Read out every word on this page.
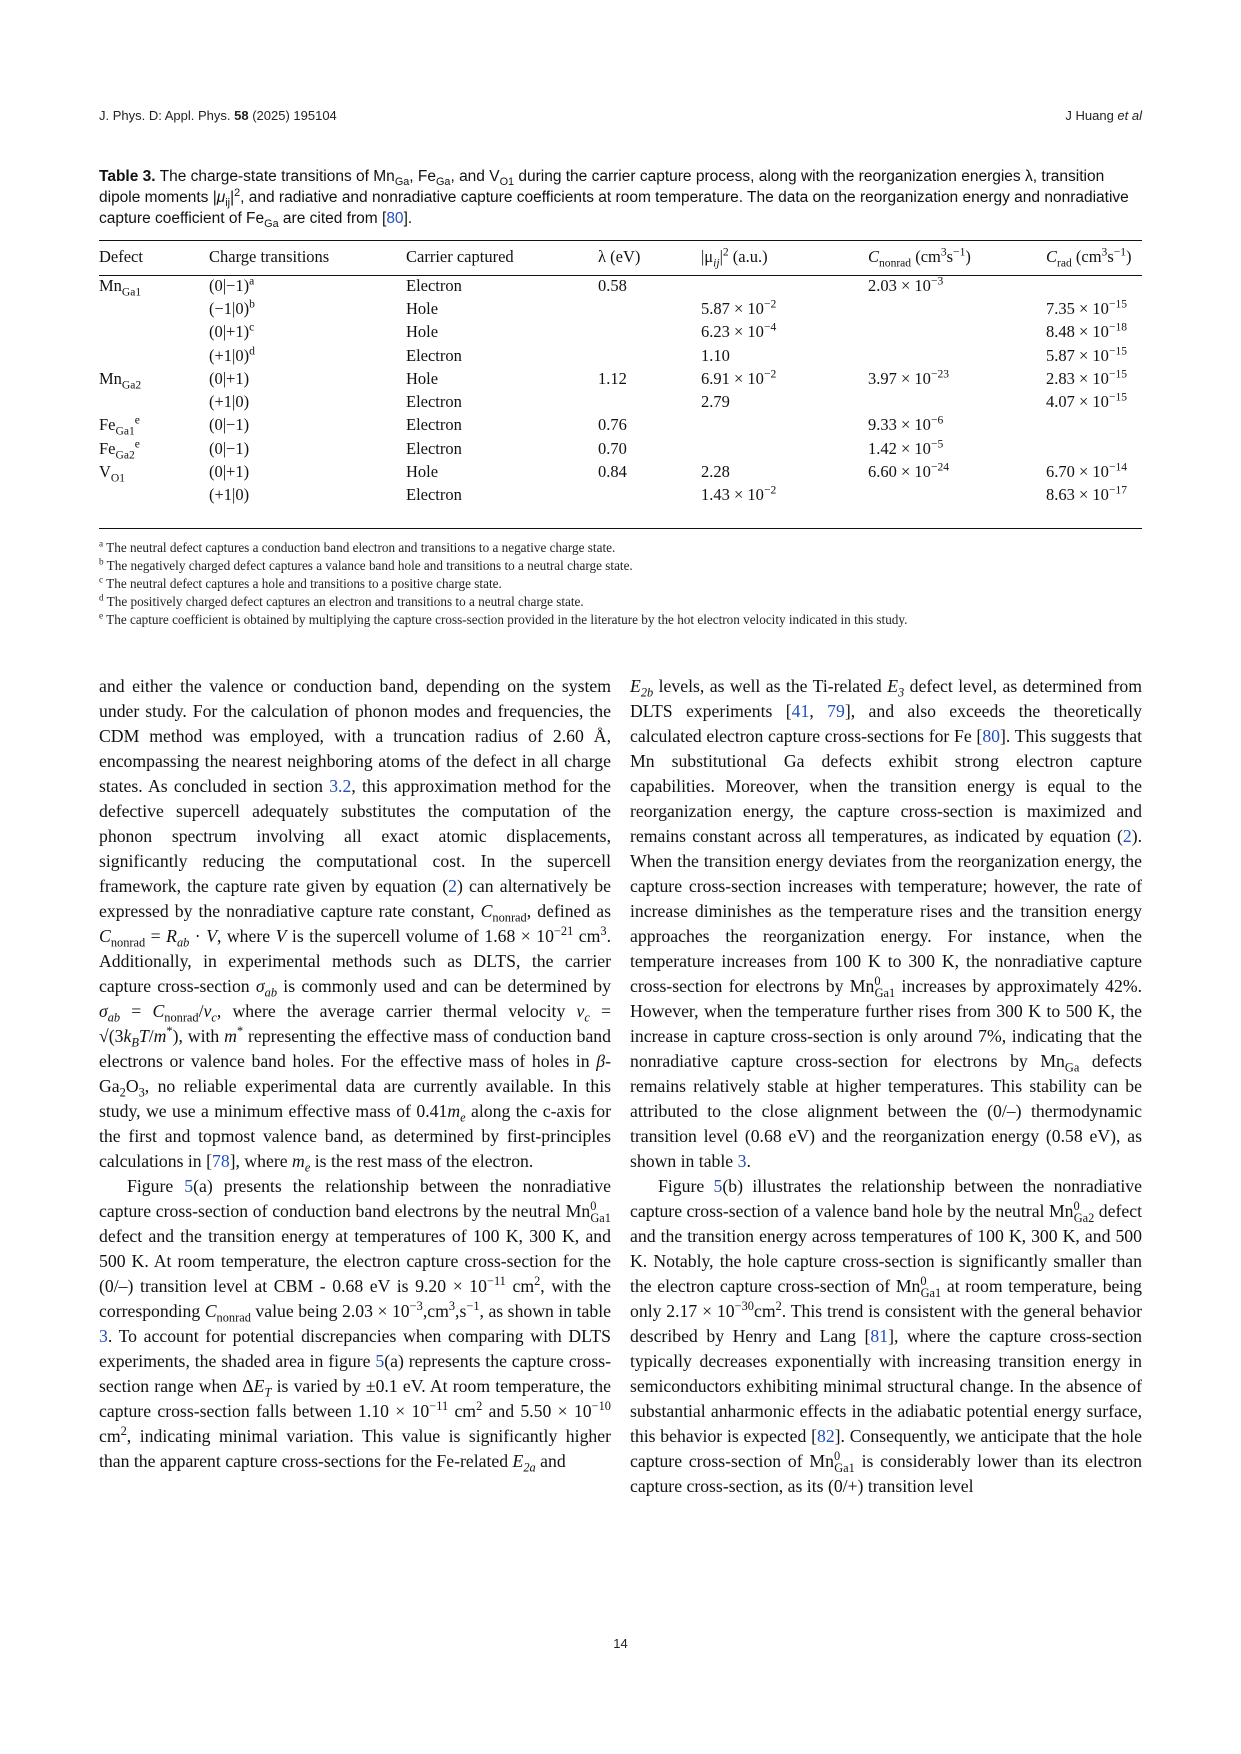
J. Phys. D: Appl. Phys. 58 (2025) 195104	J Huang et al
Table 3. The charge-state transitions of $Mn_{Ga}$, $Fe_{Ga}$, and $V_{O1}$ during the carrier capture process, along with the reorganization energies λ, transition dipole moments $|\mu_{ij}|^2$, and radiative and nonradiative capture coefficients at room temperature. The data on the reorganization energy and nonradiative capture coefficient of $Fe_{Ga}$ are cited from [80].
Defect	Charge transitions	Carrier captured	λ (eV)	$|\mu_{ij}|^2$ (a.u.)	$C_{nonrad}$ $(cm^3s^{-1})$	$C_{rad}$ $(cm^3s^{-1})$
$Mn_{Ga1}$	$(0|-1)^a$	Electron	0.58		$2.03 \times 10^{-3}$	
	$(-1|0)^b$	Hole		$5.87 \times 10^{-2}$		$7.35 \times 10^{-15}$
	$(0|+1)^c$	Hole		$6.23 \times 10^{-4}$		$8.48 \times 10^{-18}$
	$(+1|0)^d$	Electron		1.10		$5.87 \times 10^{-15}$
$Mn_{Ga2}$	(0|+1)	Hole	1.12	$6.91 \times 10^{-2}$	$3.97 \times 10^{-23}$	$2.83 \times 10^{-15}$
	(+1|0)	Electron		2.79		$4.07 \times 10^{-15}$
$Fe_{Ga1}^e$	(0|−1)	Electron	0.76		$9.33 \times 10^{-6}$	
$Fe_{Ga2}^e$	(0|−1)	Electron	0.70		$1.42 \times 10^{-5}$	
$V_{O1}$	(0|+1)	Hole	0.84	2.28	$6.60 \times 10^{-24}$	$6.70 \times 10^{-14}$
	(+1|0)	Electron		$1.43 \times 10^{-2}$		$8.63 \times 10^{-17}$
$^a$ The neutral defect captures a conduction band electron and transitions to a negative charge state.
$^b$ The negatively charged defect captures a valance band hole and transitions to a neutral charge state.
$^c$ The neutral defect captures a hole and transitions to a positive charge state.
$^d$ The positively charged defect captures an electron and transitions to a neutral charge state.
$^e$ The capture coefficient is obtained by multiplying the capture cross-section provided in the literature by the hot electron velocity indicated in this study.

and either the valence or conduction band, depending on the system under study. For the calculation of phonon modes and frequencies, the CDM method was employed, with a truncation radius of 2.60 Å, encompassing the nearest neighboring atoms of the defect in all charge states. As concluded in section 3.2, this approximation method for the defective supercell adequately substitutes the computation of the phonon spectrum involving all exact atomic displacements, significantly reducing the computational cost. In the supercell framework, the capture rate given by equation (2) can alternatively be expressed by the nonradiative capture rate constant, $C_{nonrad}$, defined as $C_{nonrad} = R_{ab} \cdot V$, where V is the supercell volume of $1.68 \times 10^{-21}$ $cm^3$. Additionally, in experimental methods such as DLTS, the carrier capture cross-section $\sigma_{ab}$ is commonly used and can be determined by $\sigma_{ab} = C_{nonrad}/v_c$, where the average carrier thermal velocity $v_c = √(3k_BT/m^*)$, with m* representing the effective mass of conduction band electrons or valence band holes. For the effective mass of holes in $\beta-Ga_2O_3$, no reliable experimental data are currently available. In this study, we use a minimum effective mass of $0.41m_e$ along the c-axis for the first and topmost valence band, as determined by first-principles calculations in [78], where $m_e$ is the rest mass of the electron.

Figure 5(a) presents the relationship between the nonradiative capture cross-section of conduction band electrons by the neutral $Mn^0_{Ga1}$ defect and the transition energy at temperatures of 100 K, 300 K, and 500 K. At room temperature, the electron capture cross-section for the (0/–) transition level at CBM - 0.68 eV is $9.20 \times 10^{-11}$ $cm^2$, with the corresponding $C_{nonrad}$ value being $2.03 \times 10^{-3},cm^3,s^{-1}$, as shown in table 3. To account for potential discrepancies when comparing with DLTS experiments, the shaded area in figure 5(a) represents the capture cross-section range when $\Delta E_T$ is varied by ±0.1 eV. At room temperature, the capture cross-section falls between $1.10 \times 10^{-11}$ $cm^2$ and $5.50 \times 10^{-10}$ $cm^2$, indicating minimal variation. This value is significantly higher than the apparent capture cross-sections for the Fe-related $E_{2a}$ and

$E_{2b}$ levels, as well as the Ti-related $E_3$ defect level, as determined from DLTS experiments [41, 79], and also exceeds the theoretically calculated electron capture cross-sections for Fe [80]. This suggests that Mn substitutional Ga defects exhibit strong electron capture capabilities. Moreover, when the transition energy is equal to the reorganization energy, the capture cross-section is maximized and remains constant across all temperatures, as indicated by equation (2). When the transition energy deviates from the reorganization energy, the capture cross-section increases with temperature; however, the rate of increase diminishes as the temperature rises and the transition energy approaches the reorganization energy. For instance, when the temperature increases from 100 K to 300 K, the nonradiative capture cross-section for electrons by $Mn^0_{Ga1}$ increases by approximately 42%. However, when the temperature further rises from 300 K to 500 K, the increase in capture cross-section is only around 7%, indicating that the nonradiative capture cross-section for electrons by $Mn_{Ga}$ defects remains relatively stable at higher temperatures. This stability can be attributed to the close alignment between the (0/–) thermodynamic transition level (0.68 eV) and the reorganization energy (0.58 eV), as shown in table 3.

Figure 5(b) illustrates the relationship between the nonradiative capture cross-section of a valence band hole by the neutral $Mn^0_{Ga2}$ defect and the transition energy across temperatures of 100 K, 300 K, and 500 K. Notably, the hole capture cross-section is significantly smaller than the electron capture cross-section of $Mn^0_{Ga1}$ at room temperature, being only $2.17 \times 10^{-30}cm^2$. This trend is consistent with the general behavior described by Henry and Lang [81], where the capture cross-section typically decreases exponentially with increasing transition energy in semiconductors exhibiting minimal structural change. In the absence of substantial anharmonic effects in the adiabatic potential energy surface, this behavior is expected [82]. Consequently, we anticipate that the hole capture cross-section of $Mn^0_{Ga1}$ is considerably lower than its electron capture cross-section, as its (0/+) transition level

14
